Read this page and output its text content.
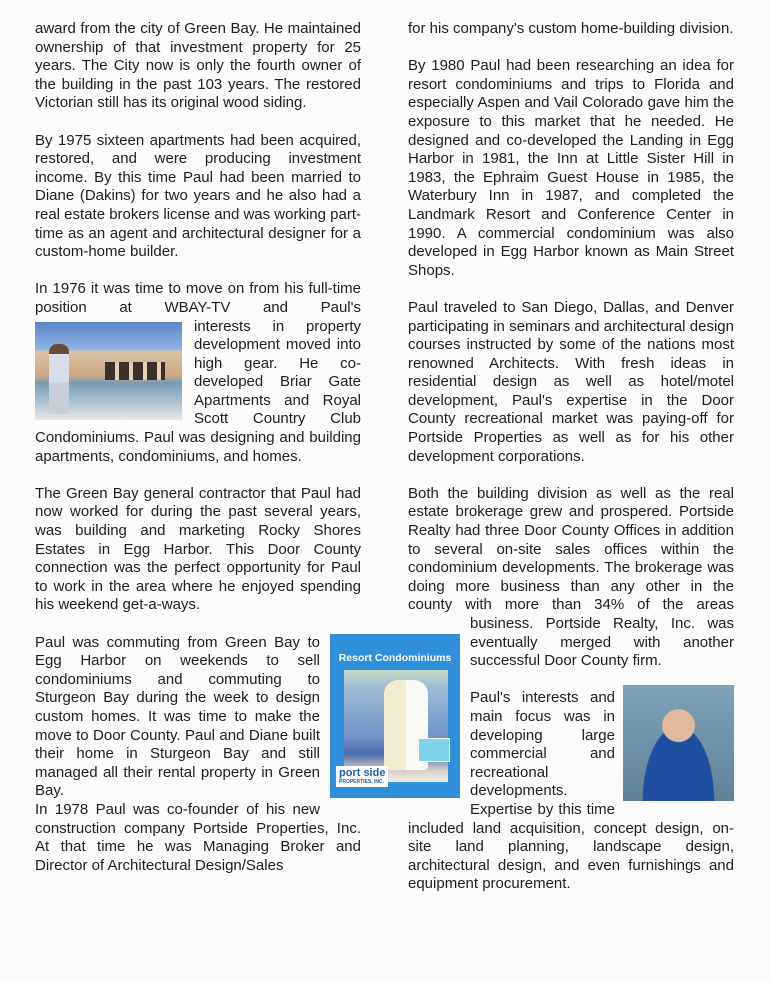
award from the city of Green Bay. He maintained ownership of that investment property for 25 years. The City now is only the fourth owner of the building in the past 103 years. The restored Victorian still has its original wood siding.

By 1975 sixteen apartments had been acquired, restored, and were producing investment income. By this time Paul had been married to Diane (Dakins) for two years and he also had a real estate brokers license and was working part-time as an agent and architectural designer for a custom-home builder.

In 1976 it was time to move on from his full-time position at WBAY-TV and Paul's

interests in property development moved into high gear. He co-developed Briar Gate Apartments and Royal Scott Country Club Condominiums. Paul was designing and building apartments, condominiums, and homes.

The Green Bay general contractor that Paul had now worked for during the past several years, was building and marketing Rocky Shores Estates in Egg Harbor. This Door County connection was the perfect opportunity for Paul to work in the area where he enjoyed spending his weekend get-a-ways.

Resort Condominiums
port side
PROPERTIES, INC.
Paul was commuting from Green Bay to Egg Harbor on weekends to sell condominiums and commuting to Sturgeon Bay during the week to design custom homes. It was time to make the move to Door County. Paul and Diane built their home in Sturgeon Bay and still managed all their rental property in Green Bay.

In 1978 Paul was co-founder of his new construction company Portside Properties, Inc. At that time he was Managing Broker and Director of Architectural Design/Sales

for his company's custom home-building division.

By 1980 Paul had been researching an idea for resort condominiums and trips to Florida and especially Aspen and Vail Colorado gave him the exposure to this market that he needed. He designed and co-developed the Landing in Egg Harbor in 1981, the Inn at Little Sister Hill in 1983, the Ephraim Guest House in 1985, the Waterbury Inn in 1987, and completed the Landmark Resort and Conference Center in 1990. A commercial condominium was also developed in Egg Harbor known as Main Street Shops.

Paul traveled to San Diego, Dallas, and Denver participating in seminars and architectural design courses instructed by some of the nations most renowned Architects. With fresh ideas in residential design as well as hotel/motel development, Paul's expertise in the Door County recreational market was paying-off for Portside Properties as well as for his other development corporations.

Both the building division as well as the real estate brokerage grew and prospered. Portside Realty had three Door County Offices in addition to several on-site sales offices within the condominium developments. The brokerage was doing more business than any other in the county with more than 34% of the areas business. Portside Realty, Inc. was eventually merged with another successful Door County firm.

Paul's interests and main focus was in developing large commercial and recreational developments. Expertise by this time included land acquisition, concept design, on-site land planning, landscape design, architectural design, and even furnishings and equipment procurement.
